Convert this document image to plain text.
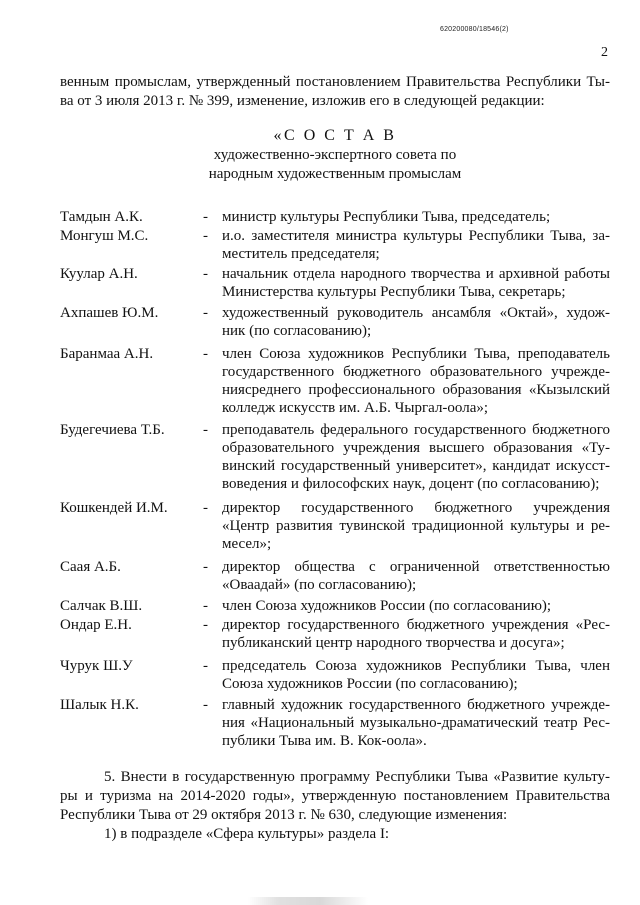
620200080/18546(2)
2
венным промыслам, утвержденный постановлением Правительства Республики Ты-
ва от 3 июля 2013 г. № 399, изменение, изложив его в следующей редакции:
«С О С Т А В
художественно-экспертного совета по
народным художественным промыслам
Тамдын А.К.	- министр культуры Республики Тыва, председатель;
Монгуш М.С.	- и.о. заместителя министра культуры Республики Тыва, за-
меститель председателя;
Куулар А.Н.	- начальник отдела народного творчества и архивной работы
Министерства культуры Республики Тыва, секретарь;
Ахпашев Ю.М.	- художественный руководитель ансамбля «Октай», худож-
ник (по согласованию);
Баранмаа А.Н.	- член Союза художников Республики Тыва, преподаватель
государственного бюджетного образовательного учрежде-
ниясреднего профессионального образования «Кызылский
колледж искусств им. А.Б. Чыргал-оола»;
Будегечиева Т.Б.	- преподаватель федерального государственного бюджетного
образовательного учреждения высшего образования «Ту-
винский государственный университет», кандидат искусст-
воведения и философских наук, доцент (по согласованию);
Кошкендей И.М. - директор государственного бюджетного учреждения
«Центр развития тувинской традиционной культуры и ре-
месел»;
Саая А.Б.	- директор общества с ограниченной ответственностью
«Оваадай» (по согласованию);
Салчак В.Ш.	- член Союза художников России (по согласованию);
Ондар Е.Н.	- директор государственного бюджетного учреждения «Рес-
публиканский центр народного творчества и досуга»;
Чурук Ш.У	- председатель Союза художников Республики Тыва, член
Союза художников России (по согласованию);
Шалык Н.К.	- главный художник государственного бюджетного учрежде-
ния «Национальный музыкально-драматический театр Рес-
публики Тыва им. В. Кок-оола».
5. Внести в государственную программу Республики Тыва «Развитие культу-
ры и туризма на 2014-2020 годы», утвержденную постановлением Правительства
Республики Тыва от 29 октября 2013 г. № 630, следующие изменения:
1) в подразделе «Сфера культуры» раздела I:
